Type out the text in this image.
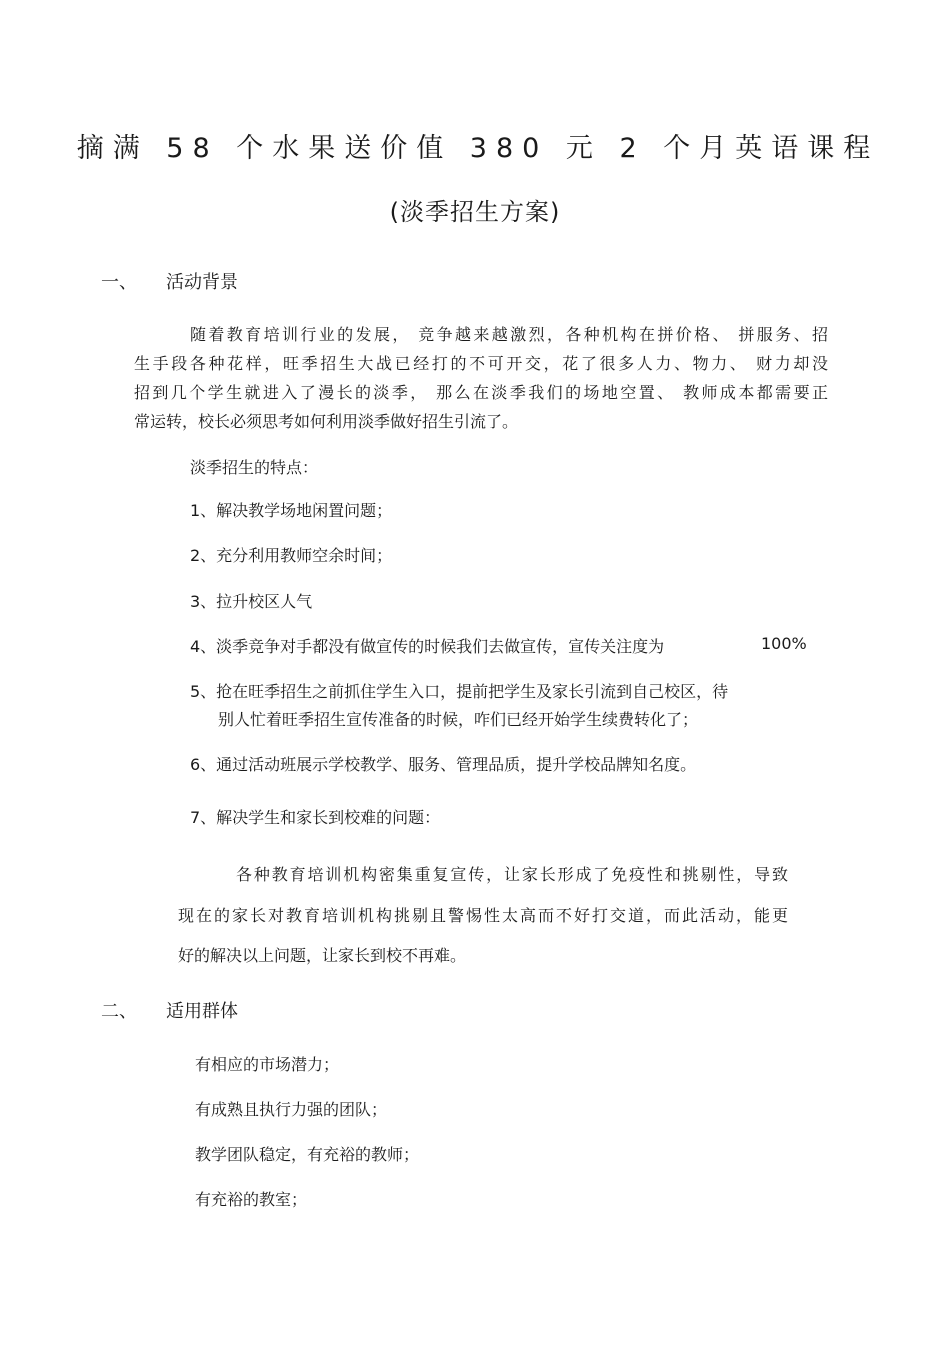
摘满 58 个水果送价值 380 元 2 个月英语课程
(淡季招生方案)
一、 活动背景
随着教育培训行业的发展， 竞争越来越激烈，各种机构在拼价格、 拼服务、招
生手段各种花样，旺季招生大战已经打的不可开交，花了很多人力、物力、 财力却没
招到几个学生就进入了漫长的淡季， 那么在淡季我们的场地空置、 教师成本都需要正
常运转，校长必须思考如何利用淡季做好招生引流了。
淡季招生的特点：
1、解决教学场地闲置问题；
2、充分利用教师空余时间；
3、拉升校区人气
4、淡季竞争对手都没有做宣传的时候我们去做宣传，宣传关注度为	100%
5、抢在旺季招生之前抓住学生入口，提前把学生及家长引流到自己校区，待
别人忙着旺季招生宣传准备的时候，咋们已经开始学生续费转化了；
6、通过活动班展示学校教学、服务、管理品质，提升学校品牌知名度。
7、解决学生和家长到校难的问题：
各种教育培训机构密集重复宣传，让家长形成了免疫性和挑剔性，导致
现在的家长对教育培训机构挑剔且警惕性太高而不好打交道，而此活动，能更
好的解决以上问题，让家长到校不再难。
二、 适用群体
有相应的市场潜力；
有成熟且执行力强的团队；
教学团队稳定，有充裕的教师；
有充裕的教室；
